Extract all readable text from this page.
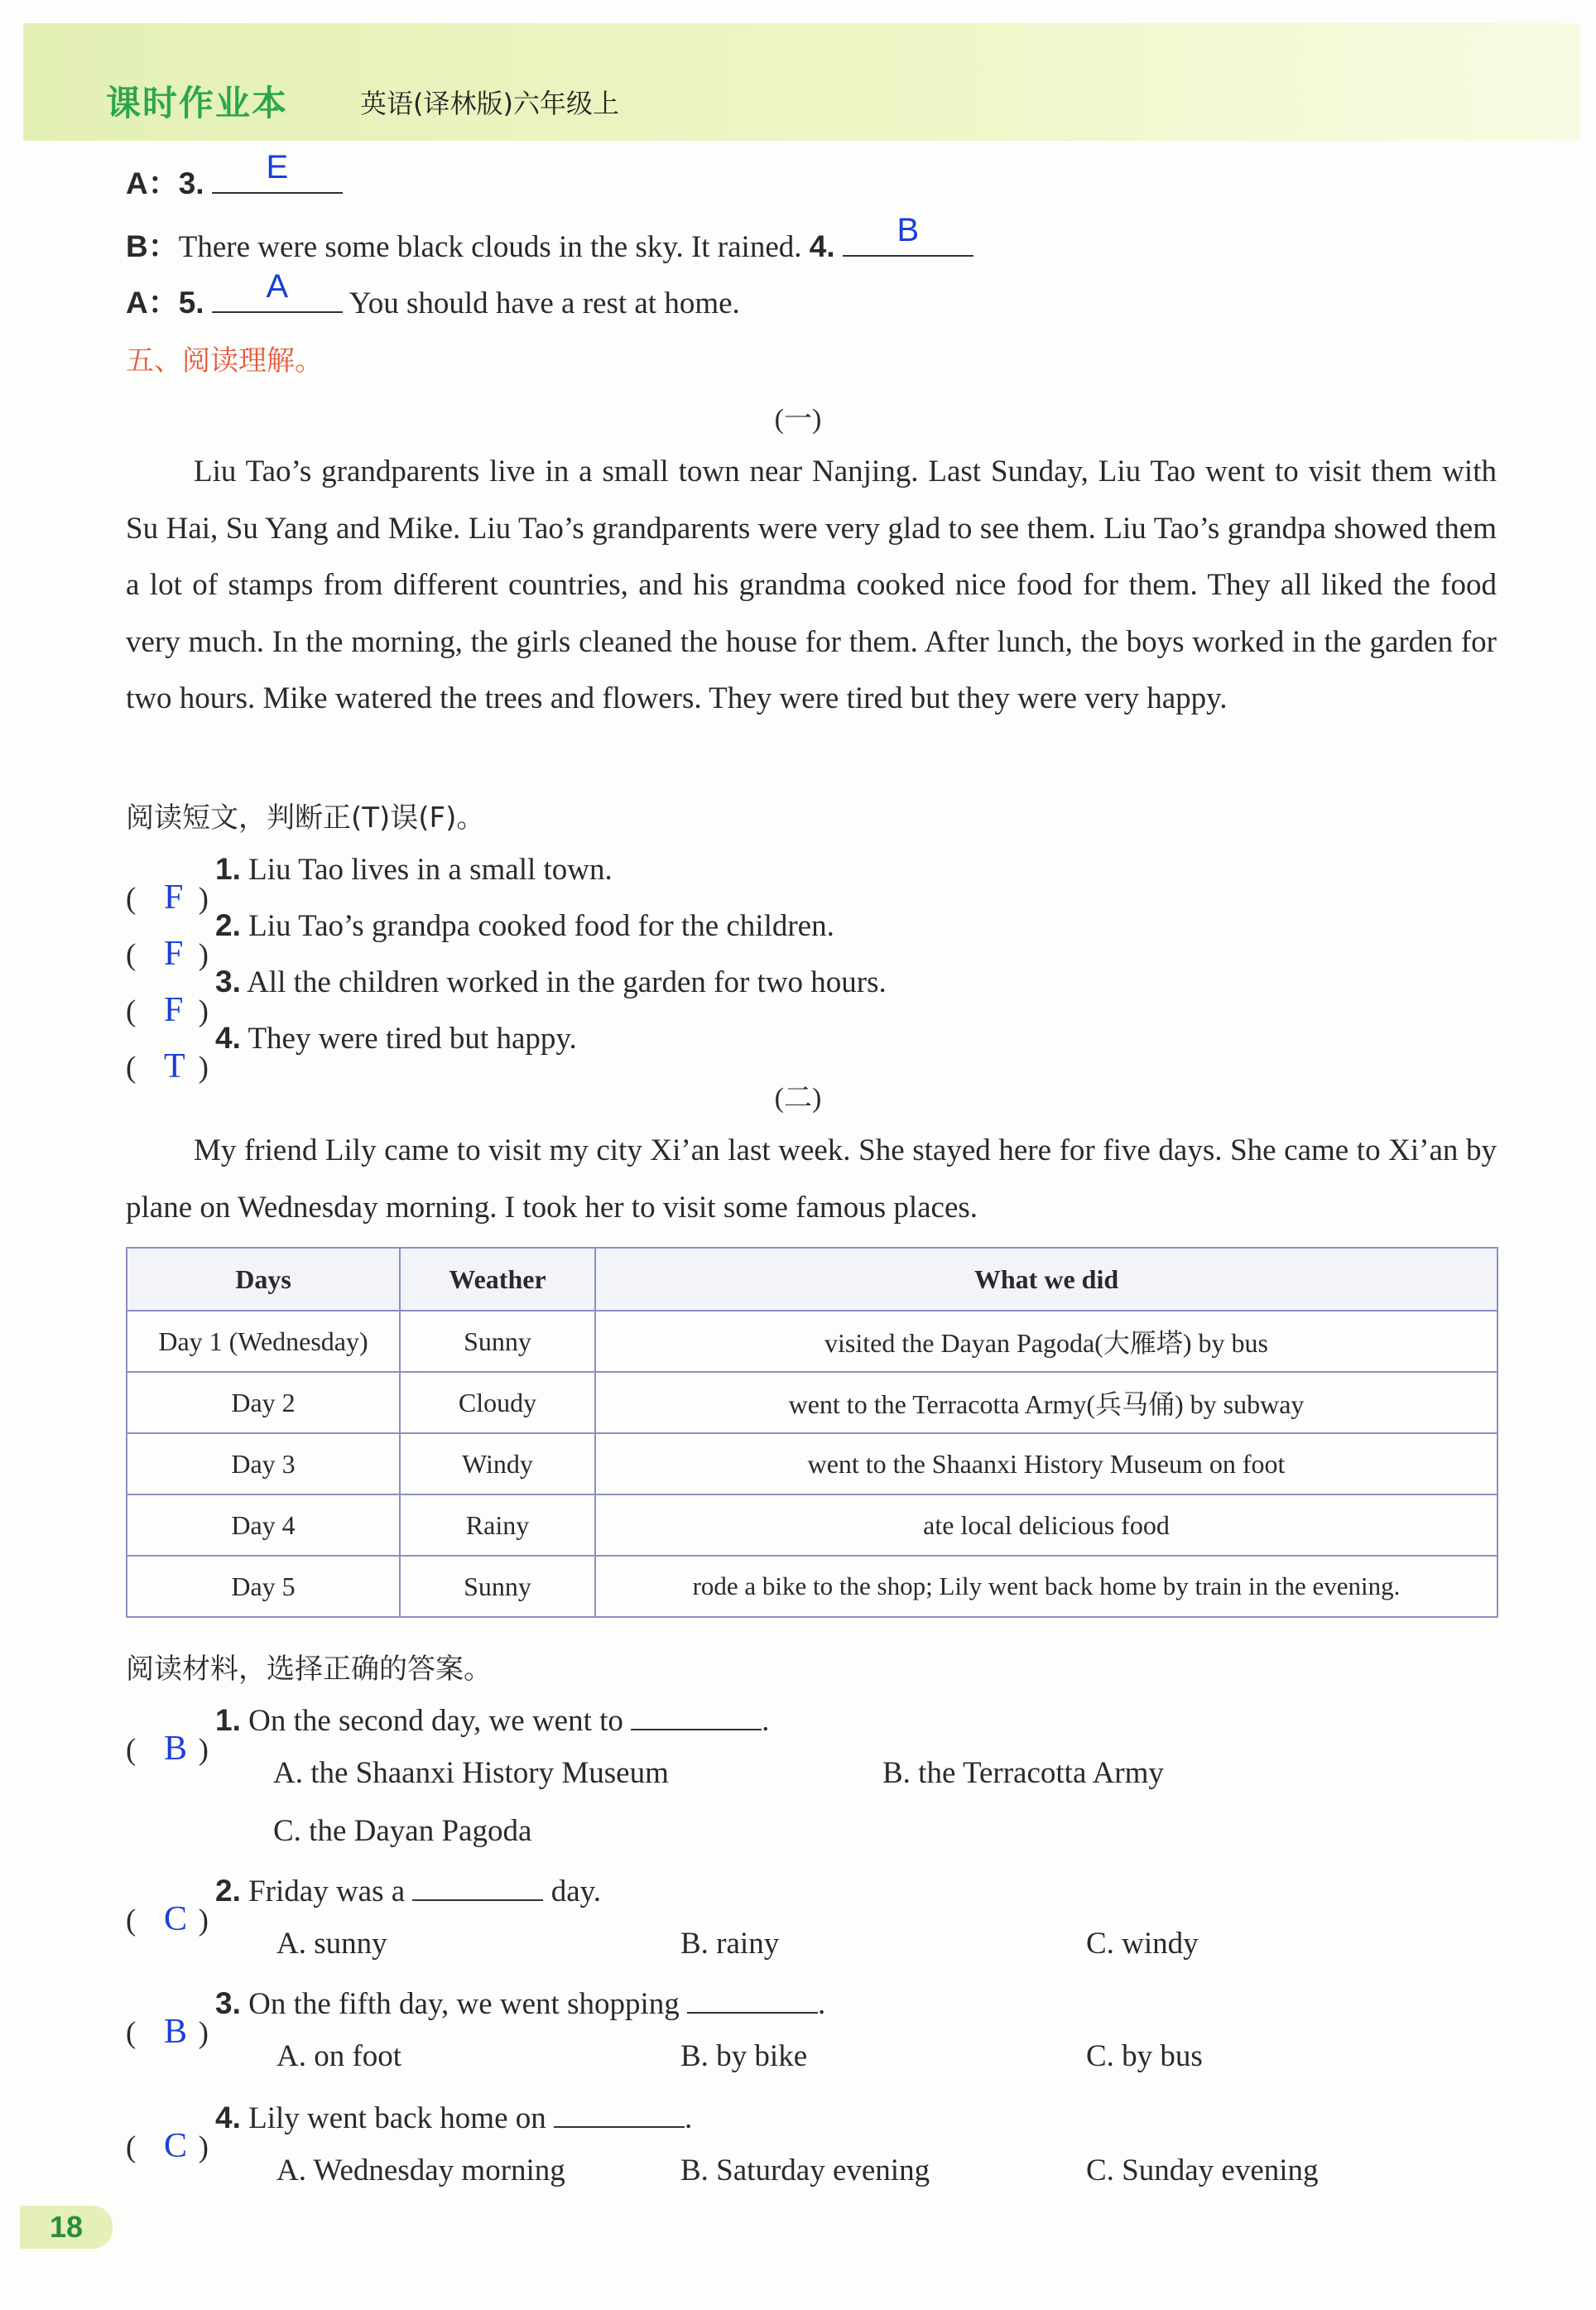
课时作业本	英语(译林版)六年级上
A：3.	E
B：There were some black clouds in the sky. It rained. 4.	B
A：5.	A	You should have a rest at home.
五、阅读理解。
(一)

Liu Tao’s grandparents live in a small town near Nanjing. Last Sunday, Liu Tao went to visit them with Su Hai, Su Yang and Mike. Liu Tao’s grandparents were very glad to see them. Liu Tao’s grandpa showed them a lot of stamps from different countries, and his grandma cooked nice food for them. They all liked the food very much. In the morning, the girls cleaned the house for them. After lunch, the boys worked in the garden for two hours. Mike watered the trees and flowers. They were tired but they were very happy.

阅读短文，判断正(T)误(F)。
( F )
1. Liu Tao lives in a small town.
( F )
2. Liu Tao’s grandpa cooked food for the children.
( F )
3. All the children worked in the garden for two hours.
( T )
4. They were tired but happy.
(二)

My friend Lily came to visit my city Xi’an last week. She stayed here for five days. She came to Xi’an by plane on Wednesday morning. I took her to visit some famous places.

Days	Weather	What we did
Day 1 (Wednesday)	Sunny	visited the Dayan Pagoda(大雁塔) by bus
Day 2	Cloudy	went to the Terracotta Army(兵马俑) by subway
Day 3	Windy	went to the Shaanxi History Museum on foot
Day 4	Rainy	ate local delicious food
Day 5	Sunny	rode a bike to the shop; Lily went back home by train in the evening.
阅读材料，选择正确的答案。
( B )
1. On the second day, we went to	.
A. the Shaanxi History Museum	B. the Terracotta Army
C. the Dayan Pagoda
( C )
2. Friday was a	day.
A. sunny	B. rainy	C. windy
( B )
3. On the fifth day, we went shopping	.
A. on foot	B. by bike	C. by bus
( C )
4. Lily went back home on	.
A. Wednesday morning	B. Saturday evening	C. Sunday evening
18
